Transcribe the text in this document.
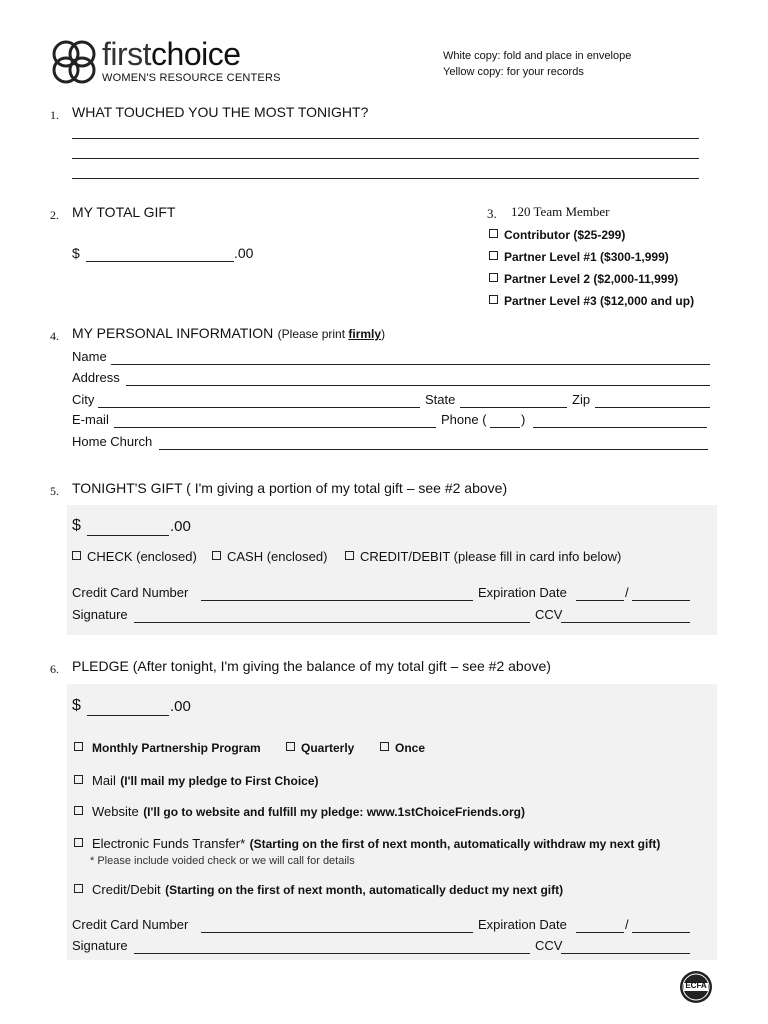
firstchoice
WOMEN'S RESOURCE CENTERS
White copy: fold and place in envelope
Yellow copy: for your records
1. WHAT TOUCHED YOU THE MOST TONIGHT?
2. MY TOTAL GIFT
$	.00
3. 120 Team Member
Contributor ($25-299)
Partner Level #1 ($300-1,999)
Partner Level 2 ($2,000-11,999)
Partner Level #3 ($12,000 and up)
4. MY PERSONAL INFORMATION (Please print firmly)
Name
Address
City	State	Zip
E-mail	Phone (	)
Home Church
5. TONIGHT'S GIFT ( I'm giving a portion of my total gift – see #2 above)
$	.00
CHECK (enclosed)	CASH (enclosed)	CREDIT/DEBIT (please fill in card info below)
Credit Card Number	Expiration Date	/
Signature	CCV
6. PLEDGE (After tonight, I'm giving the balance of my total gift – see #2 above)
$	.00
Monthly Partnership Program	Quarterly	Once
Mail (I'll mail my pledge to First Choice)
Website (I'll go to website and fulfill my pledge: www.1stChoiceFriends.org)
Electronic Funds Transfer* (Starting on the first of next month, automatically withdraw my next gift)
* Please include voided check or we will call for details
Credit/Debit (Starting on the first of next month, automatically deduct my next gift)
Credit Card Number	Expiration Date	/
Signature	CCV
ECFA
